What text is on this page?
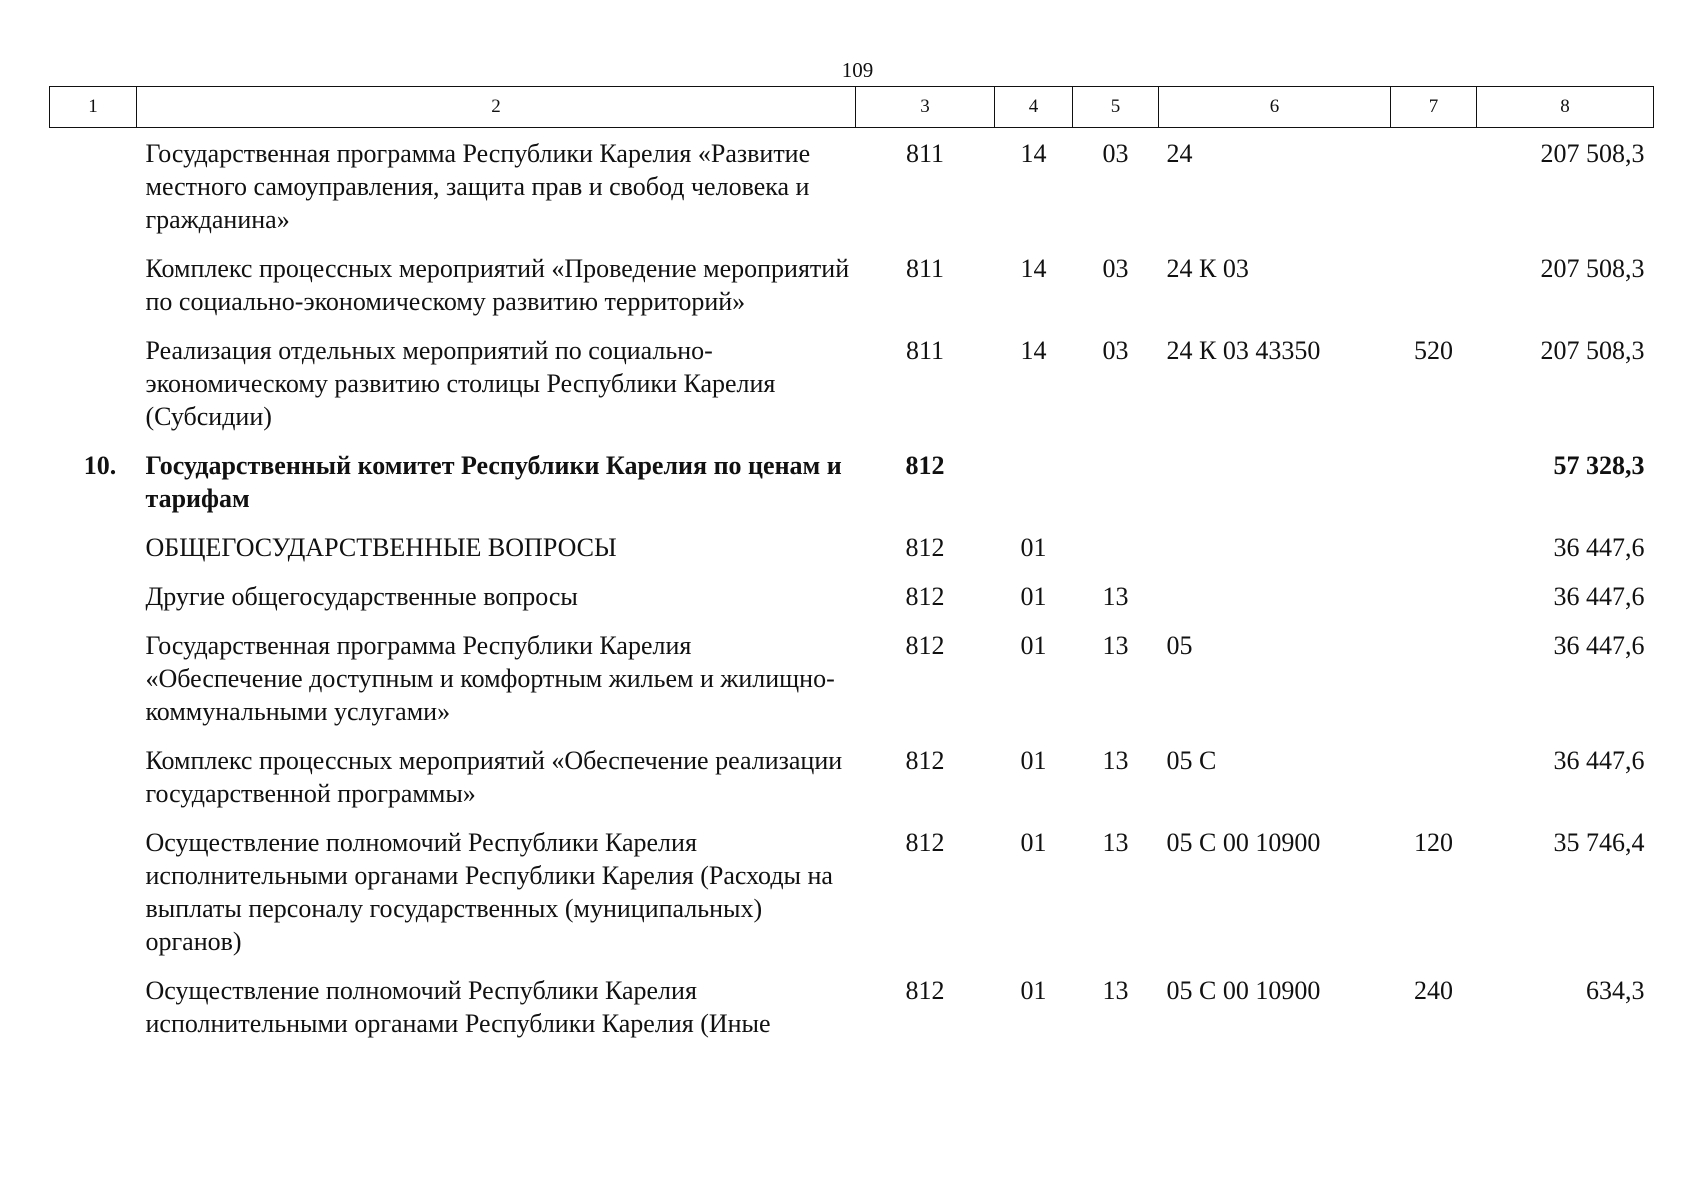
109
1	2	3	4	5	6	7	8
	Государственная программа Республики Карелия «Развитие местного самоуправления, защита прав и свобод человека и гражданина»	811	14	03	24		207 508,3
	Комплекс процессных мероприятий «Проведение мероприятий по социально-экономическому развитию территорий»	811	14	03	24 К 03		207 508,3
	Реализация отдельных мероприятий по социально-экономическому развитию столицы Республики Карелия (Субсидии)	811	14	03	24 К 03 43350	520	207 508,3
10.	Государственный комитет Республики Карелия по ценам и тарифам	812					57 328,3
	ОБЩЕГОСУДАРСТВЕННЫЕ ВОПРОСЫ	812	01				36 447,6
	Другие общегосударственные вопросы	812	01	13			36 447,6
	Государственная программа Республики Карелия «Обеспечение доступным и комфортным жильем и жилищно-коммунальными услугами»	812	01	13	05		36 447,6
	Комплекс процессных мероприятий «Обеспечение реализации государственной программы»	812	01	13	05 С		36 447,6
	Осуществление полномочий Республики Карелия исполнительными органами Республики Карелия (Расходы на выплаты персоналу государственных (муниципальных) органов)	812	01	13	05 С 00 10900	120	35 746,4
	Осуществление полномочий Республики Карелия исполнительными органами Республики Карелия (Иные	812	01	13	05 С 00 10900	240	634,3
